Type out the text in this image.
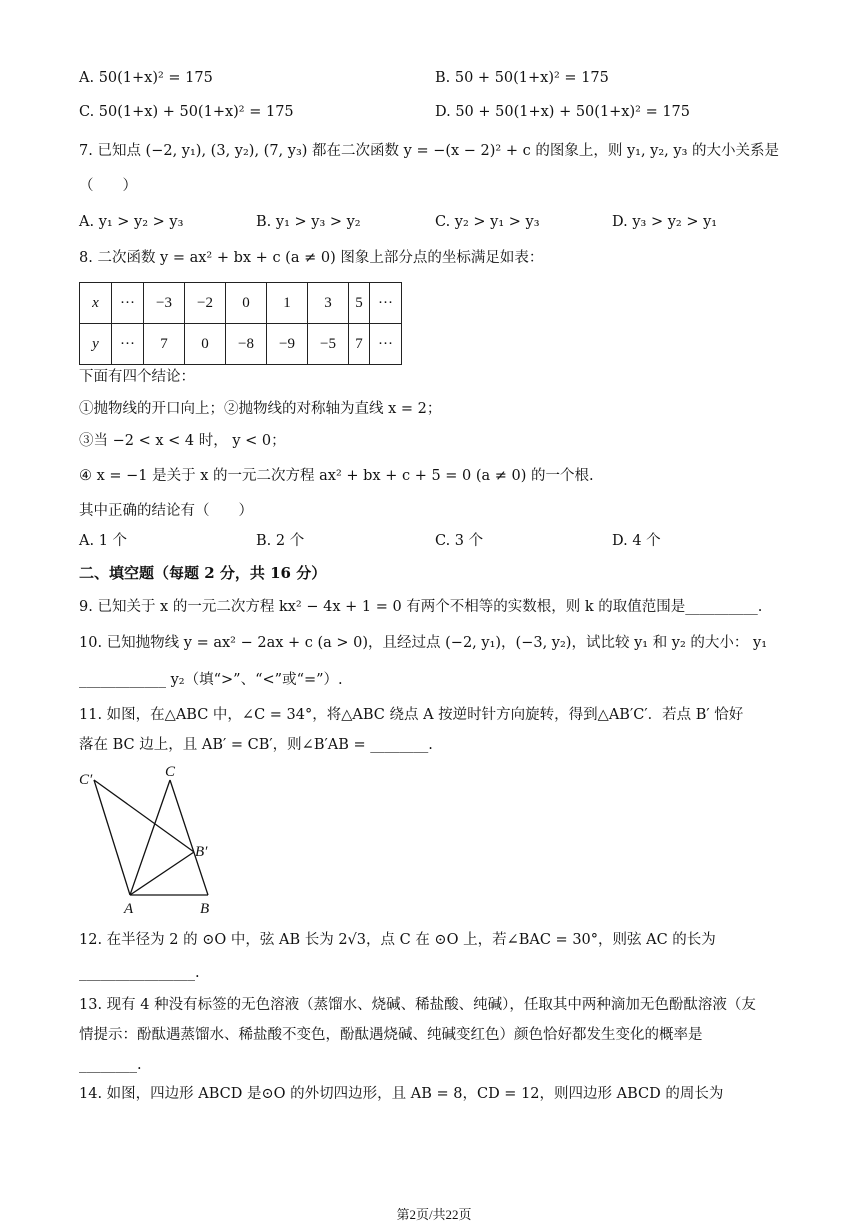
A. 50(1+x)² = 175	B. 50 + 50(1+x)² = 175
C. 50(1+x) + 50(1+x)² = 175	D. 50 + 50(1+x) + 50(1+x)² = 175
7. 已知点 (−2, y₁), (3, y₂), (7, y₃) 都在二次函数 y = −(x − 2)² + c 的图象上，则 y₁, y₂, y₃ 的大小关系是
（　　）
A. y₁ > y₂ > y₃	B. y₁ > y₃ > y₂	C. y₂ > y₁ > y₃	D. y₃ > y₂ > y₁
8. 二次函数 y = ax² + bx + c (a ≠ 0) 图象上部分点的坐标满足如表：
x	···	−3	−2	0	1	3	5	···
y	···	7	0	−8	−9	−5	7	···
下面有四个结论：
①抛物线的开口向上；②抛物线的对称轴为直线 x = 2；
③当 −2 < x < 4 时， y < 0；
④ x = −1 是关于 x 的一元二次方程 ax² + bx + c + 5 = 0 (a ≠ 0) 的一个根.
其中正确的结论有（　　）
A. 1 个	B. 2 个	C. 3 个	D. 4 个
二、填空题（每题 2 分，共 16 分）
9. 已知关于 x 的一元二次方程 kx² − 4x + 1 = 0 有两个不相等的实数根，则 k 的取值范围是__________.
10. 已知抛物线 y = ax² − 2ax + c (a > 0)，且经过点 (−2, y₁)，(−3, y₂)，试比较 y₁ 和 y₂ 的大小： y₁
____________ y₂（填“>”、“<”或“=”）.
11. 如图，在△ABC 中，∠C = 34°，将△ABC 绕点 A 按逆时针方向旋转，得到△AB′C′．若点 B′ 恰好
落在 BC 边上，且 AB′ = CB′，则∠B′AB = ________.
C′	C
B′
A	B
12. 在半径为 2 的 ⊙O 中，弦 AB 长为 2√3，点 C 在 ⊙O 上，若∠BAC = 30°，则弦 AC 的长为
________________.
13. 现有 4 种没有标签的无色溶液（蒸馏水、烧碱、稀盐酸、纯碱），任取其中两种滴加无色酚酞溶液（友
情提示：酚酞遇蒸馏水、稀盐酸不变色，酚酞遇烧碱、纯碱变红色）颜色恰好都发生变化的概率是
________.
14. 如图，四边形 ABCD 是⊙O 的外切四边形，且 AB = 8，CD = 12，则四边形 ABCD 的周长为
第2页/共22页
